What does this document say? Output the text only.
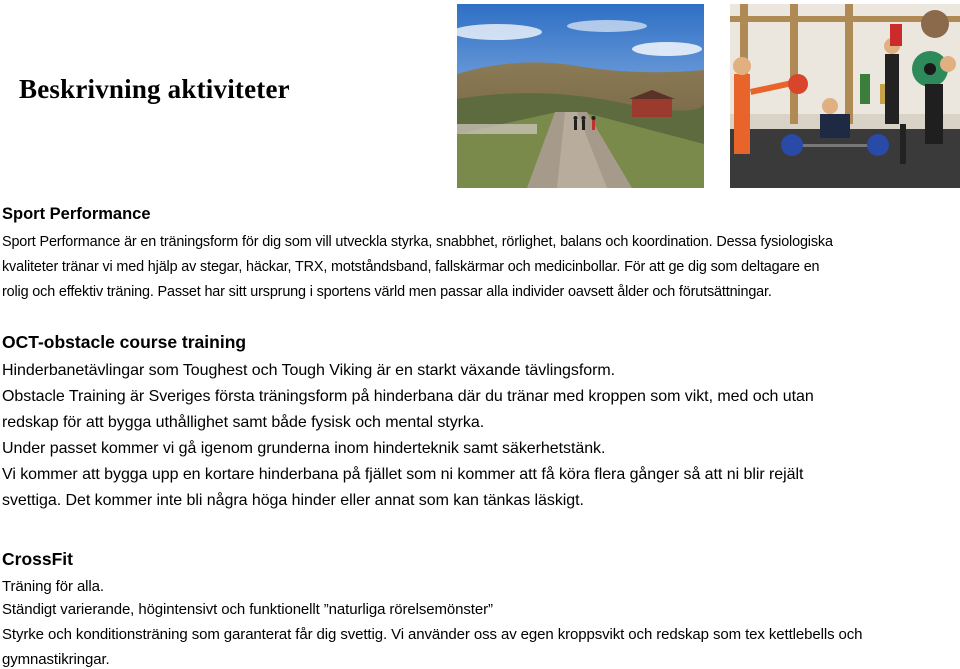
Beskrivning aktiviteter
Sport Performance
Sport Performance är en träningsform för dig som vill utveckla styrka, snabbhet, rörlighet, balans och koordination. Dessa fysiologiska
kvaliteter tränar vi med hjälp av stegar, häckar, TRX, motståndsband, fallskärmar och medicinbollar. För att ge dig som deltagare en
rolig och effektiv träning. Passet har sitt ursprung i sportens värld men passar alla individer oavsett ålder och förutsättningar.
OCT-obstacle course training
Hinderbanetävlingar som Toughest och Tough Viking är en starkt växande tävlingsform.
Obstacle Training är Sveriges första träningsform på hinderbana där du tränar med kroppen som vikt, med och utan
redskap för att bygga uthållighet samt både fysisk och mental styrka.
Under passet kommer vi gå igenom grunderna inom hinderteknik samt säkerhetstänk.
Vi kommer att bygga upp en kortare hinderbana på fjället som ni kommer att få köra flera gånger så att ni blir rejält
svettiga. Det kommer inte bli några höga hinder eller annat som kan tänkas läskigt.
CrossFit
Träning för alla.
Ständigt varierande, högintensivt och funktionellt ”naturliga rörelsemönster”
Styrke och konditionsträning som garanterat får dig svettig. Vi använder oss av egen kroppsvikt och redskap som tex kettlebells och
gymnastikringar.
